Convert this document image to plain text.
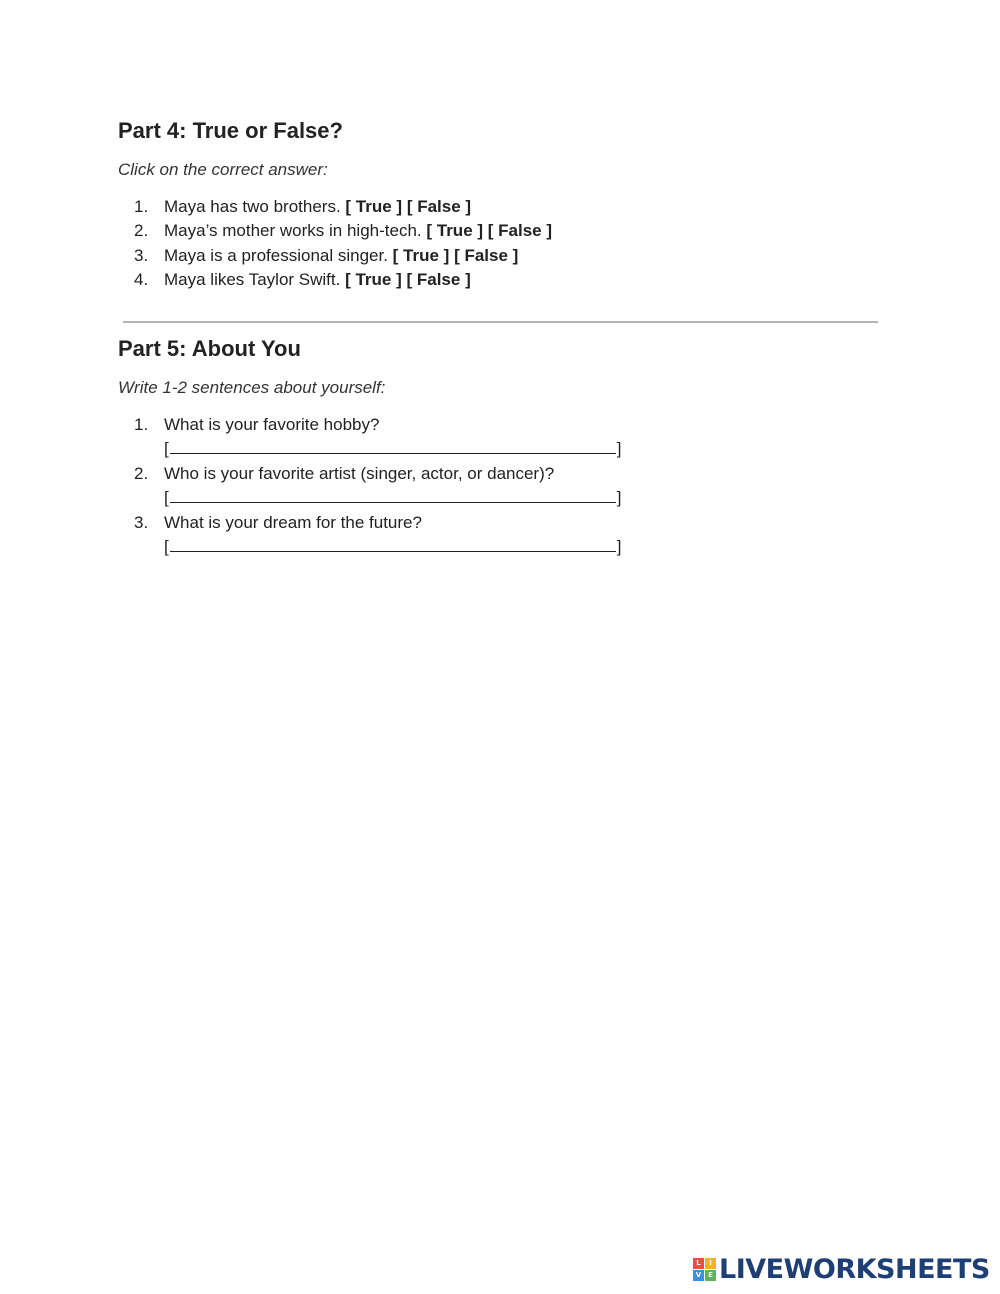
Part 4: True or False?
Click on the correct answer:
1. Maya has two brothers. [ True ] [ False ]
2. Maya’s mother works in high-tech. [ True ] [ False ]
3. Maya is a professional singer. [ True ] [ False ]
4. Maya likes Taylor Swift. [ True ] [ False ]
Part 5: About You
Write 1-2 sentences about yourself:
1. What is your favorite hobby?
[	]
2. Who is your favorite artist (singer, actor, or dancer)?
[	]
3. What is your dream for the future?
[	]
L	I
V E LIVEWORKSHEETS
